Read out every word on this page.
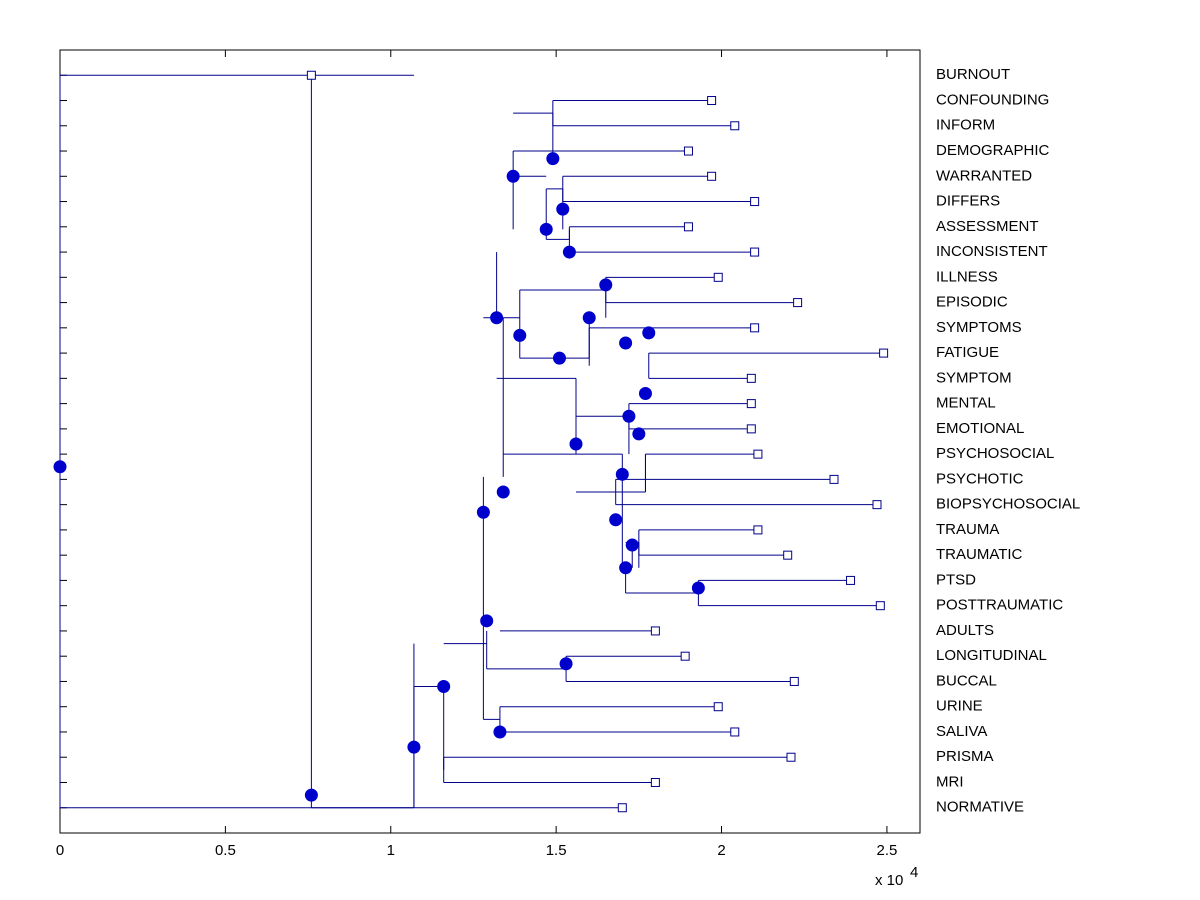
0	0.5	1	1.5	2	2.5
x 10 4
BURNOUT
CONFOUNDING
INFORM
DEMOGRAPHIC
WARRANTED
DIFFERS
ASSESSMENT
INCONSISTENT
ILLNESS
EPISODIC
SYMPTOMS
FATIGUE
SYMPTOM
MENTAL
EMOTIONAL
PSYCHOSOCIAL
PSYCHOTIC
BIOPSYCHOSOCIAL
TRAUMA
TRAUMATIC
PTSD
POSTTRAUMATIC
ADULTS
LONGITUDINAL
BUCCAL
URINE
SALIVA
PRISMA
MRI
NORMATIVE
